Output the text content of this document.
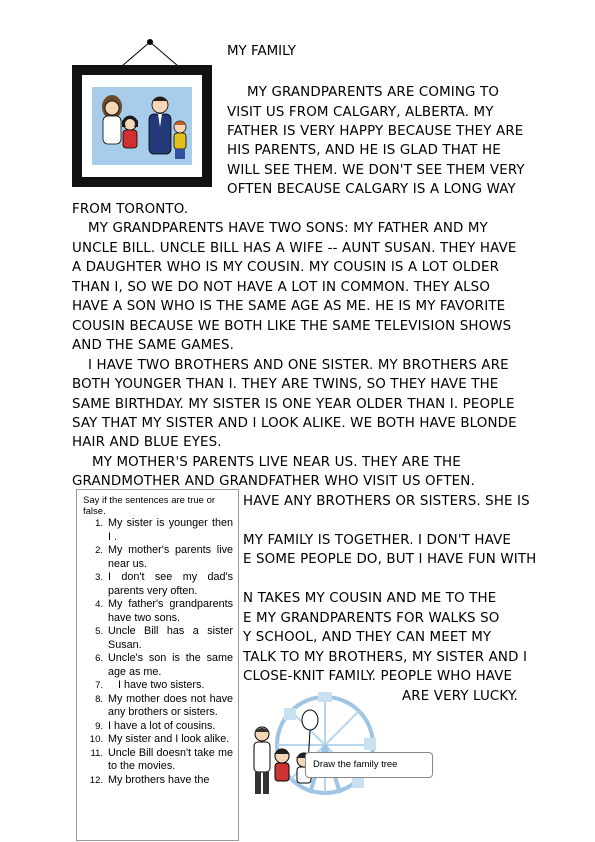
MY FAMILY
MY GRANDPARENTS ARE COMING TO
VISIT US FROM CALGARY, ALBERTA. MY
FATHER IS VERY HAPPY BECAUSE THEY ARE
HIS PARENTS, AND HE IS GLAD THAT HE
WILL SEE THEM. WE DON'T SEE THEM VERY
OFTEN BECAUSE CALGARY IS A LONG WAY
FROM TORONTO.
MY GRANDPARENTS HAVE TWO SONS: MY FATHER AND MY
UNCLE BILL. UNCLE BILL HAS A WIFE -- AUNT SUSAN. THEY HAVE
A DAUGHTER WHO IS MY COUSIN. MY COUSIN IS A LOT OLDER
THAN I, SO WE DO NOT HAVE A LOT IN COMMON. THEY ALSO
HAVE A SON WHO IS THE SAME AGE AS ME. HE IS MY FAVORITE
COUSIN BECAUSE WE BOTH LIKE THE SAME TELEVISION SHOWS
AND THE SAME GAMES.
I HAVE TWO BROTHERS AND ONE SISTER. MY BROTHERS ARE
BOTH YOUNGER THAN I. THEY ARE TWINS, SO THEY HAVE THE
SAME BIRTHDAY. MY SISTER IS ONE YEAR OLDER THAN I. PEOPLE
SAY THAT MY SISTER AND I LOOK ALIKE. WE BOTH HAVE BLONDE
HAIR AND BLUE EYES.
MY MOTHER'S PARENTS LIVE NEAR US. THEY ARE THE
GRANDMOTHER AND GRANDFATHER WHO VISIT US OFTEN.
HAVE ANY BROTHERS OR SISTERS. SHE IS
MY FAMILY IS TOGETHER. I DON'T HAVE
E SOME PEOPLE DO, BUT I HAVE FUN WITH
N TAKES MY COUSIN AND ME TO THE
E MY GRANDPARENTS FOR WALKS SO
Y SCHOOL, AND THEY CAN MEET MY
TALK TO MY BROTHERS, MY SISTER AND I
CLOSE-KNIT FAMILY. PEOPLE WHO HAVE
ARE VERY LUCKY.
Say if the sentences are true or false.
1. My sister is younger then I .
2. My mother's parents live near us.
3. I don't see my dad's parents very often.
4. My father's grandparents have two sons.
5. Uncle Bill has a sister Susan.
6. Uncle's son is the same age as me.
7. I have two sisters.
8. My mother does not have any brothers or sisters.
9. I have a lot of cousins.
10. My sister and I look alike.
11. Uncle Bill doesn't take me to the movies.
12. My brothers have the
Draw the family tree
